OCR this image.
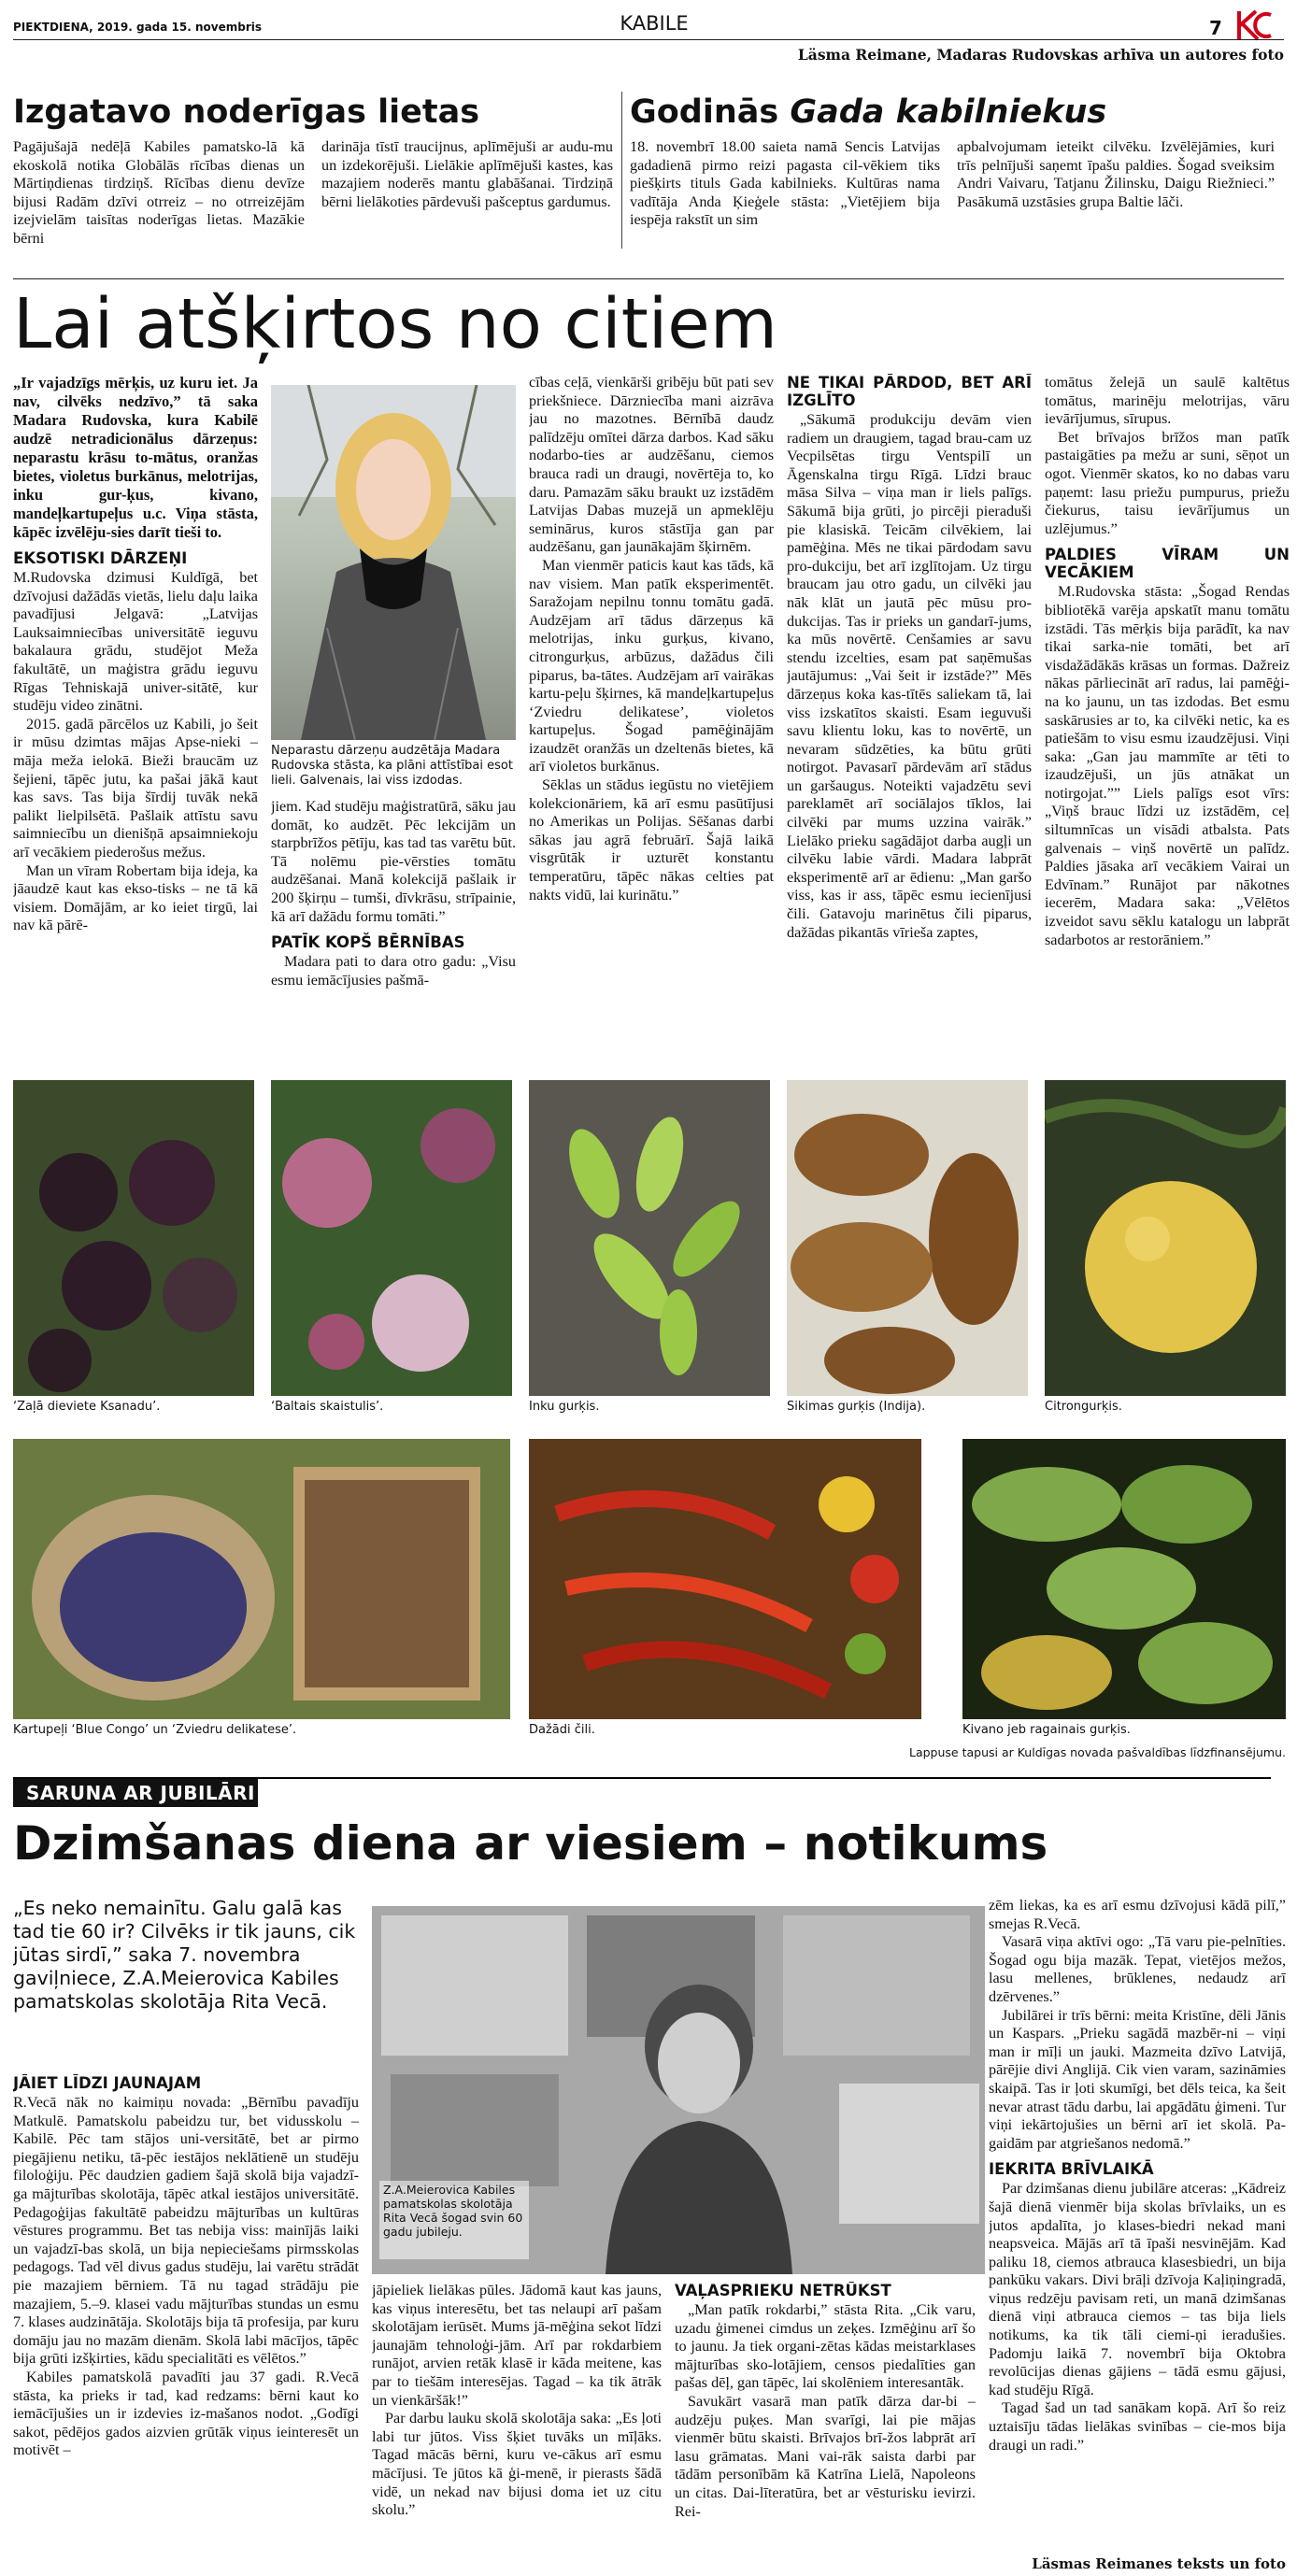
PIEKTDIENA, 2019. gada 15. novembris	KABILE	7
Läsma Reimane, Madaras Rudovskas arhīva un autores foto
Izgatavo noderīgas lietas
Pagājušajā nedēļā Kabiles pamatsko-lā kā ekoskolā notika Globālās rīcības dienas un Mārtiņdienas tirdziņš. Rīcības dienu devīze bijusi Radām dzīvi otrreiz – no otrreizējām izejvielām taisītas noderīgas lietas. Mazākie bērni
darināja tīstī traucijnus, aplīmējuši ar audu-mu un izdekorējuši. Lielākie aplīmējuši kastes, kas mazajiem noderēs mantu glabāšanai. Tirdziņā bērni lielākoties pārdevuši pašceptus gardumus.
Godinās Gada kabilniekus
18. novembrī 18.00 saieta namā Sencis Latvijas gadadienā pirmo reizi pagasta cil-vēkiem tiks piešķirts tituls Gada kabilnieks. Kultūras nama vadītāja Anda Ķieģele stāsta: „Vietējiem bija iespēja rakstīt un sim
apbalvojumam ieteikt cilvēku. Izvēlējāmies, kuri trīs pelnījuši saņemt īpašu paldies. Šogad sveiksim Andri Vaivaru, Tatjanu Žilinsku, Daigu Riežnieci.” Pasākumā uzstāsies grupa Baltie lāči.
Lai atšķirtos no citiem
„Ir vajadzīgs mērķis, uz kuru iet. Ja nav, cilvēks nedzīvo,” tā saka Madara Rudovska, kura Kabilē audzē netradicionālus dārzeņus: neparastu krāsu to-mātus, oranžas bietes, violetus burkānus, melotrijas, inku gur-ķus, kivano, mandeļkartupeļus u.c. Viņa stāsta, kāpēc izvēlēju-sies darīt tieši to.
EKSOTISKI DĀRZEŅI

M.Rudovska dzimusi Kuldīgā, bet dzīvojusi dažādās vietās, lielu daļu laika pavadījusi Jelgavā: „Latvijas Lauksaimniecības universitātē ieguvu bakalaura grādu, studējot Meža fakultātē, un maģistra grādu ieguvu Rīgas Tehniskajā univer-sitātē, kur studēju video zinātni.

2015. gadā pārcēlos uz Kabili, jo šeit ir mūsu dzimtas mājas Apse-nieki – māja meža ielokā. Bieži braucām uz šejieni, tāpēc jutu, ka pašai jākā kaut kas savs. Tas bija šīrdij tuvāk nekā palikt lielpilsētā. Pašlaik attīstu savu saimniecību un dienišņā apsaimniekoju arī vecākiem piederošus mežus.

Man un vīram Robertam bija ideja, ka jāaudzē kaut kas ekso-tisks – ne tā kā visiem. Domājām, ar ko ieiet tirgū, lai nav kā pārē-

Neparastu dārzeņu audzētāja Madara Rudovska stāsta, ka plāni attīstībai esot lieli. Galvenais, lai viss izdodas.

jiem. Kad studēju maģistratūrā, sāku jau domāt, ko audzēt. Pēc lekcijām un starpbrīžos pētīju, kas tad tas varētu būt. Tā nolēmu pie-vērsties tomātu audzēšanai. Manā kolekcijā pašlaik ir 200 šķirņu – tumši, dīvkrāsu, strīpainie, kā arī dažādu formu tomāti.”

PATĪK KOPŠ BĒRNĪBAS

Madara pati to dara otro gadu: „Visu esmu iemācījusies pašmā-

cības ceļā, vienkārši gribēju būt pati sev priekšniece. Dārzniecība mani aizrāva jau no mazotnes. Bērnībā daudz palīdzēju omītei dārza darbos. Kad sāku nodarbo-ties ar audzēšanu, ciemos brauca radi un draugi, novērtēja to, ko daru. Pamazām sāku braukt uz izstādēm Latvijas Dabas muzejā un apmeklēju seminārus, kuros stāstīja gan par audzēšanu, gan jaunākajām šķirnēm.

Man vienmēr paticis kaut kas tāds, kā nav visiem. Man patīk eksperimentēt. Saražojam nepilnu tonnu tomātu gadā. Audzējam arī tādus dārzeņus kā melotrijas, inku gurķus, kivano, citrongurķus, arbūzus, dažādus čili piparus, ba-tātes. Audzējam arī vairākas kartu-peļu šķirnes, kā mandeļkartupeļus ‘Zviedru delikatese’, violetos kartupeļus. Šogad pamēģinājām izaudzēt oranžās un dzeltenās bietes, kā arī violetos burkānus.

Sēklas un stādus iegūstu no vietējiem kolekcionāriem, kā arī esmu pasūtījusi no Amerikas un Polijas. Sēšanas darbi sākas jau agrā februārī. Šajā laikā visgrūtāk ir uzturēt konstantu temperatūru, tāpēc nākas celties pat nakts vidū, lai kurinātu.”

NE TIKAI PĀRDOD, BET ARĪ IZGLĪTO

„Sākumā produkciju devām vien radiem un draugiem, tagad brau-cam uz Vecpilsētas tirgu Ventspilī un Āgenskalna tirgu Rīgā. Līdzi brauc māsa Silva – viņa man ir liels palīgs. Sākumā bija grūti, jo pircēji pieraduši pie klasiskā. Teicām cilvēkiem, lai pamēģina. Mēs ne tikai pārdodam savu pro-dukciju, bet arī izglītojam. Uz tirgu braucam jau otro gadu, un cilvēki jau nāk klāt un jautā pēc mūsu pro-dukcijas. Tas ir prieks un gandarī-jums, ka mūs novērtē. Cenšamies ar savu stendu izcelties, esam pat saņēmušas jautājumus: „Vai šeit ir izstāde?” Mēs dārzeņus koka kas-tītēs saliekam tā, lai viss izskatītos skaisti. Esam ieguvuši savu klientu loku, kas to novērtē, un nevaram sūdzēties, ka būtu grūti notirgot. Pavasarī pārdevām arī stādus un garšaugus. Noteikti vajadzētu sevi pareklamēt arī sociālajos tīklos, lai cilvēki par mums uzzina vairāk.” Lielāko prieku sagādājot darba augļi un cilvēku labie vārdi. Madara labprāt eksperimentē arī ar ēdienu: „Man garšo viss, kas ir ass, tāpēc esmu iecienījusi čili. Gatavoju marinētus čili piparus, dažādas pikantās vīrieša zaptes,

tomātus želejā un saulē kaltētus tomātus, marinēju melotrijas, vāru ievārījumus, sīrupus.

Bet brīvajos brīžos man patīk pastaigāties pa mežu ar suni, sēņot un ogot. Vienmēr skatos, ko no dabas varu paņemt: lasu priežu pumpurus, priežu čiekurus, taisu ievārījumus un uzlējumus.”

PALDIES VĪRAM UN VECĀKIEM

M.Rudovska stāsta: „Šogad Rendas bibliotēkā varēja apskatīt manu tomātu izstādi. Tās mērķis bija parādīt, ka nav tikai sarka-nie tomāti, bet arī visdažādākās krāsas un formas. Dažreiz nākas pārliecināt arī radus, lai pamēģi-na ko jaunu, un tas izdodas. Bet esmu saskārusies ar to, ka cilvēki netic, ka es patiešām to visu esmu izaudzējusi. Viņi saka: „Gan jau mammīte ar tēti to izaudzējuši, un jūs atnākat un notirgojat.”” Liels palīgs esot vīrs: „Viņš brauc līdzi uz izstādēm, ceļ siltumnīcas un visādi atbalsta. Pats galvenais – viņš novērtē un palīdz. Paldies jāsaka arī vecākiem Vairai un Edvīnam.” Runājot par nākotnes iecerēm, Madara saka: „Vēlētos izveidot savu sēklu katalogu un labprāt sadarbotos ar restorāniem.”

‘Zaļā dieviete Ksanadu’.	‘Baltais skaistulis’.	Inku gurķis.	Sikimas gurķis (Indija).	Citrongurķis.
Kartupeļi ‘Blue Congo’ un ‘Zviedru delikatese’.	Dažādi čili.	Kivano jeb ragainais gurķis.
Lappuse tapusi ar Kuldīgas novada pašvaldības līdzfinansējumu.
SARUNA AR JUBILĀRI
Dzimšanas diena ar viesiem – notikums
„Es neko nemainītu. Galu galā kas tad tie 60 ir? Cilvēks ir tik jauns, cik jūtas sirdī,” saka 7. novembra gaviļniece, Z.A.Meierovica Kabiles pamatskolas skolotāja Rita Vecā.
JĀIET LĪDZI JAUNAJAM

R.Vecā nāk no kaimiņu novada: „Bērnību pavadīju Matkulē. Pamatskolu pabeidzu tur, bet vidusskolu – Kabilē. Pēc tam stājos uni-versitātē, bet ar pirmo piegājienu netiku, tā-pēc iestājos neklātienē un studēju filoloģiju. Pēc daudzien gadiem šajā skolā bija vajadzī-ga mājturības skolotāja, tāpēc atkal iestājos universitātē. Pedagoģijas fakultātē pabeidzu mājturības un kultūras vēstures programmu. Bet tas nebija viss: mainījās laiki un vajadzī-bas skolā, un bija nepieciešams pirmsskolas pedagogs. Tad vēl divus gadus studēju, lai varētu strādāt pie mazajiem bērniem. Tā nu tagad strādāju pie mazajiem, 5.–9. klasei vadu mājturības stundas un esmu 7. klases audzinātāja. Skolotājs bija tā profesija, par kuru domāju jau no mazām dienām. Skolā labi mācījos, tāpēc bija grūti izšķirties, kādu specialitāti es vēlētos.”

Kabiles pamatskolā pavadīti jau 37 gadi. R.Vecā stāsta, ka prieks ir tad, kad redzams: bērni kaut ko iemācījušies un ir izdevies iz-mašanos nodot. „Godīgi sakot, pēdējos gados aizvien grūtāk viņus ieinteresēt un motivēt –

Z.A.Meierovica Kabiles pamatskolas skolotāja Rita Vecā šogad svin 60 gadu jubileju.

jāpieliek lielākas pūles. Jādomā kaut kas jauns, kas viņus interesētu, bet tas nelaupi arī pašam skolotājam ierūsēt. Mums jā-mēģina sekot līdzi jaunajām tehnoloģi-jām. Arī par rokdarbiem runājot, arvien retāk klasē ir kāda meitene, kas par to tiešām interesējas. Tagad – ka tik ātrāk un vienkāršāk!”

Par darbu lauku skolā skolotāja saka: „Es ļoti labi tur jūtos. Viss šķiet tuvāks un mīļāks. Tagad mācās bērni, kuru ve-cākus arī esmu mācījusi. Te jūtos kā ģi-menē, ir pierasts šādā vidē, un nekad nav bijusi doma iet uz citu skolu.”

VAĻASPRIEKU NETRŪKST

„Man patīk rokdarbi,” stāsta Rita. „Cik varu, uzadu ģimenei cimdus un zeķes. Izmēģinu arī šo to jaunu. Ja tiek organi-zētas kādas meistarklases mājturības sko-lotājiem, censos piedalīties gan pašas dēļ, gan tāpēc, lai skolēniem interesantāk.

Savukārt vasarā man patīk dārza dar-bi – audzēju puķes. Man svarīgi, lai pie mājas vienmēr būtu skaisti. Brīvajos brī-žos labprāt arī lasu grāmatas. Mani vai-rāk saista darbi par tādām personībām kā Katrīna Lielā, Napoleons un citas. Dai-līteratūra, bet ar vēsturisku ievirzi. Rei-

zēm liekas, ka es arī esmu dzīvojusi kādā pilī,” smejas R.Vecā.

Vasarā viņa aktīvi ogo: „Tā varu pie-pelnīties. Šogad ogu bija mazāk. Tepat, vietējos mežos, lasu mellenes, brūklenes, nedaudz arī dzērvenes.”

Jubilārei ir trīs bērni: meita Kristīne, dēli Jānis un Kaspars. „Prieku sagādā mazbēr-ni – viņi man ir mīļi un jauki. Mazmeita dzīvo Latvijā, pārējie divi Anglijā. Cik vien varam, sazināmies skaipā. Tas ir ļoti skumīgi, bet dēls teica, ka šeit nevar atrast tādu darbu, lai apgādātu ģimeni. Tur viņi iekārtojušies un bērni arī iet skolā. Pa-gaidām par atgriešanos nedomā.”

IEKRITA BRĪVLAIKĀ

Par dzimšanas dienu jubilāre atceras: „Kādreiz šajā dienā vienmēr bija skolas brīvlaiks, un es jutos apdalīta, jo klases-biedri nekad mani neapsveica. Mājās arī tā īpaši nesvinējām. Kad paliku 18, ciemos atbrauca klasesbiedri, un bija pankūku vakars. Divi brāļi dzīvoja Kaļiņingradā, viņus redzēju pavisam reti, un manā dzimšanas dienā viņi atbrauca ciemos – tas bija liels notikums, ka tik tāli ciemi-ņi ieradušies. Padomju laikā 7. novembrī bija Oktobra revolūcijas dienas gājiens – tādā esmu gājusi, kad studēju Rīgā.

Tagad šad un tad sanākam kopā. Arī šo reiz uztaisīju tādas lielākas svinības – cie-mos bija draugi un radi.”

Läsmas Reimanes teksts un foto
